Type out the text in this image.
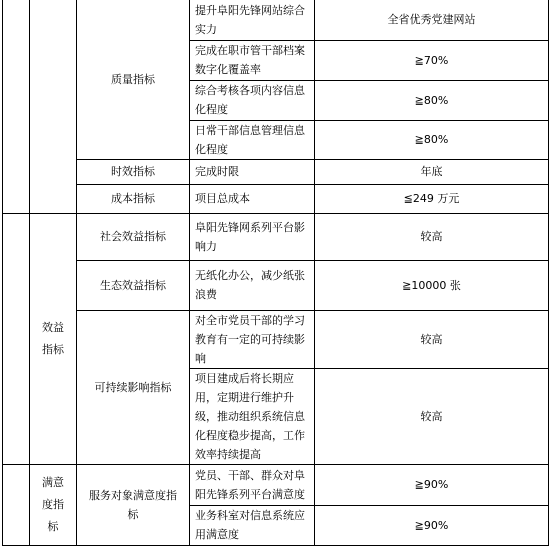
		质量指标	提升阜阳先锋网站综合实力	全省优秀党建网站
			完成在职市管干部档案数字化覆盖率	≧70%
			综合考核各项内容信息化程度	≧80%
			日常干部信息管理信息化程度	≧80%
		时效指标	完成时限	年底
		成本指标	项目总成本	≦249 万元

	效益指标	社会效益指标	阜阳先锋网系列平台影响力	较高
		生态效益指标	无纸化办公，减少纸张浪费	≧10000 张
		可持续影响指标	对全市党员干部的学习教育有一定的可持续影响	较高
			项目建成后将长期应用，定期进行维护升级，推动组织系统信息化程度稳步提高，工作效率持续提高	较高

	满意度指标	服务对象满意度指标	党员、干部、群众对阜阳先锋系列平台满意度	≧90%
			业务科室对信息系统应用满意度	≧90%
